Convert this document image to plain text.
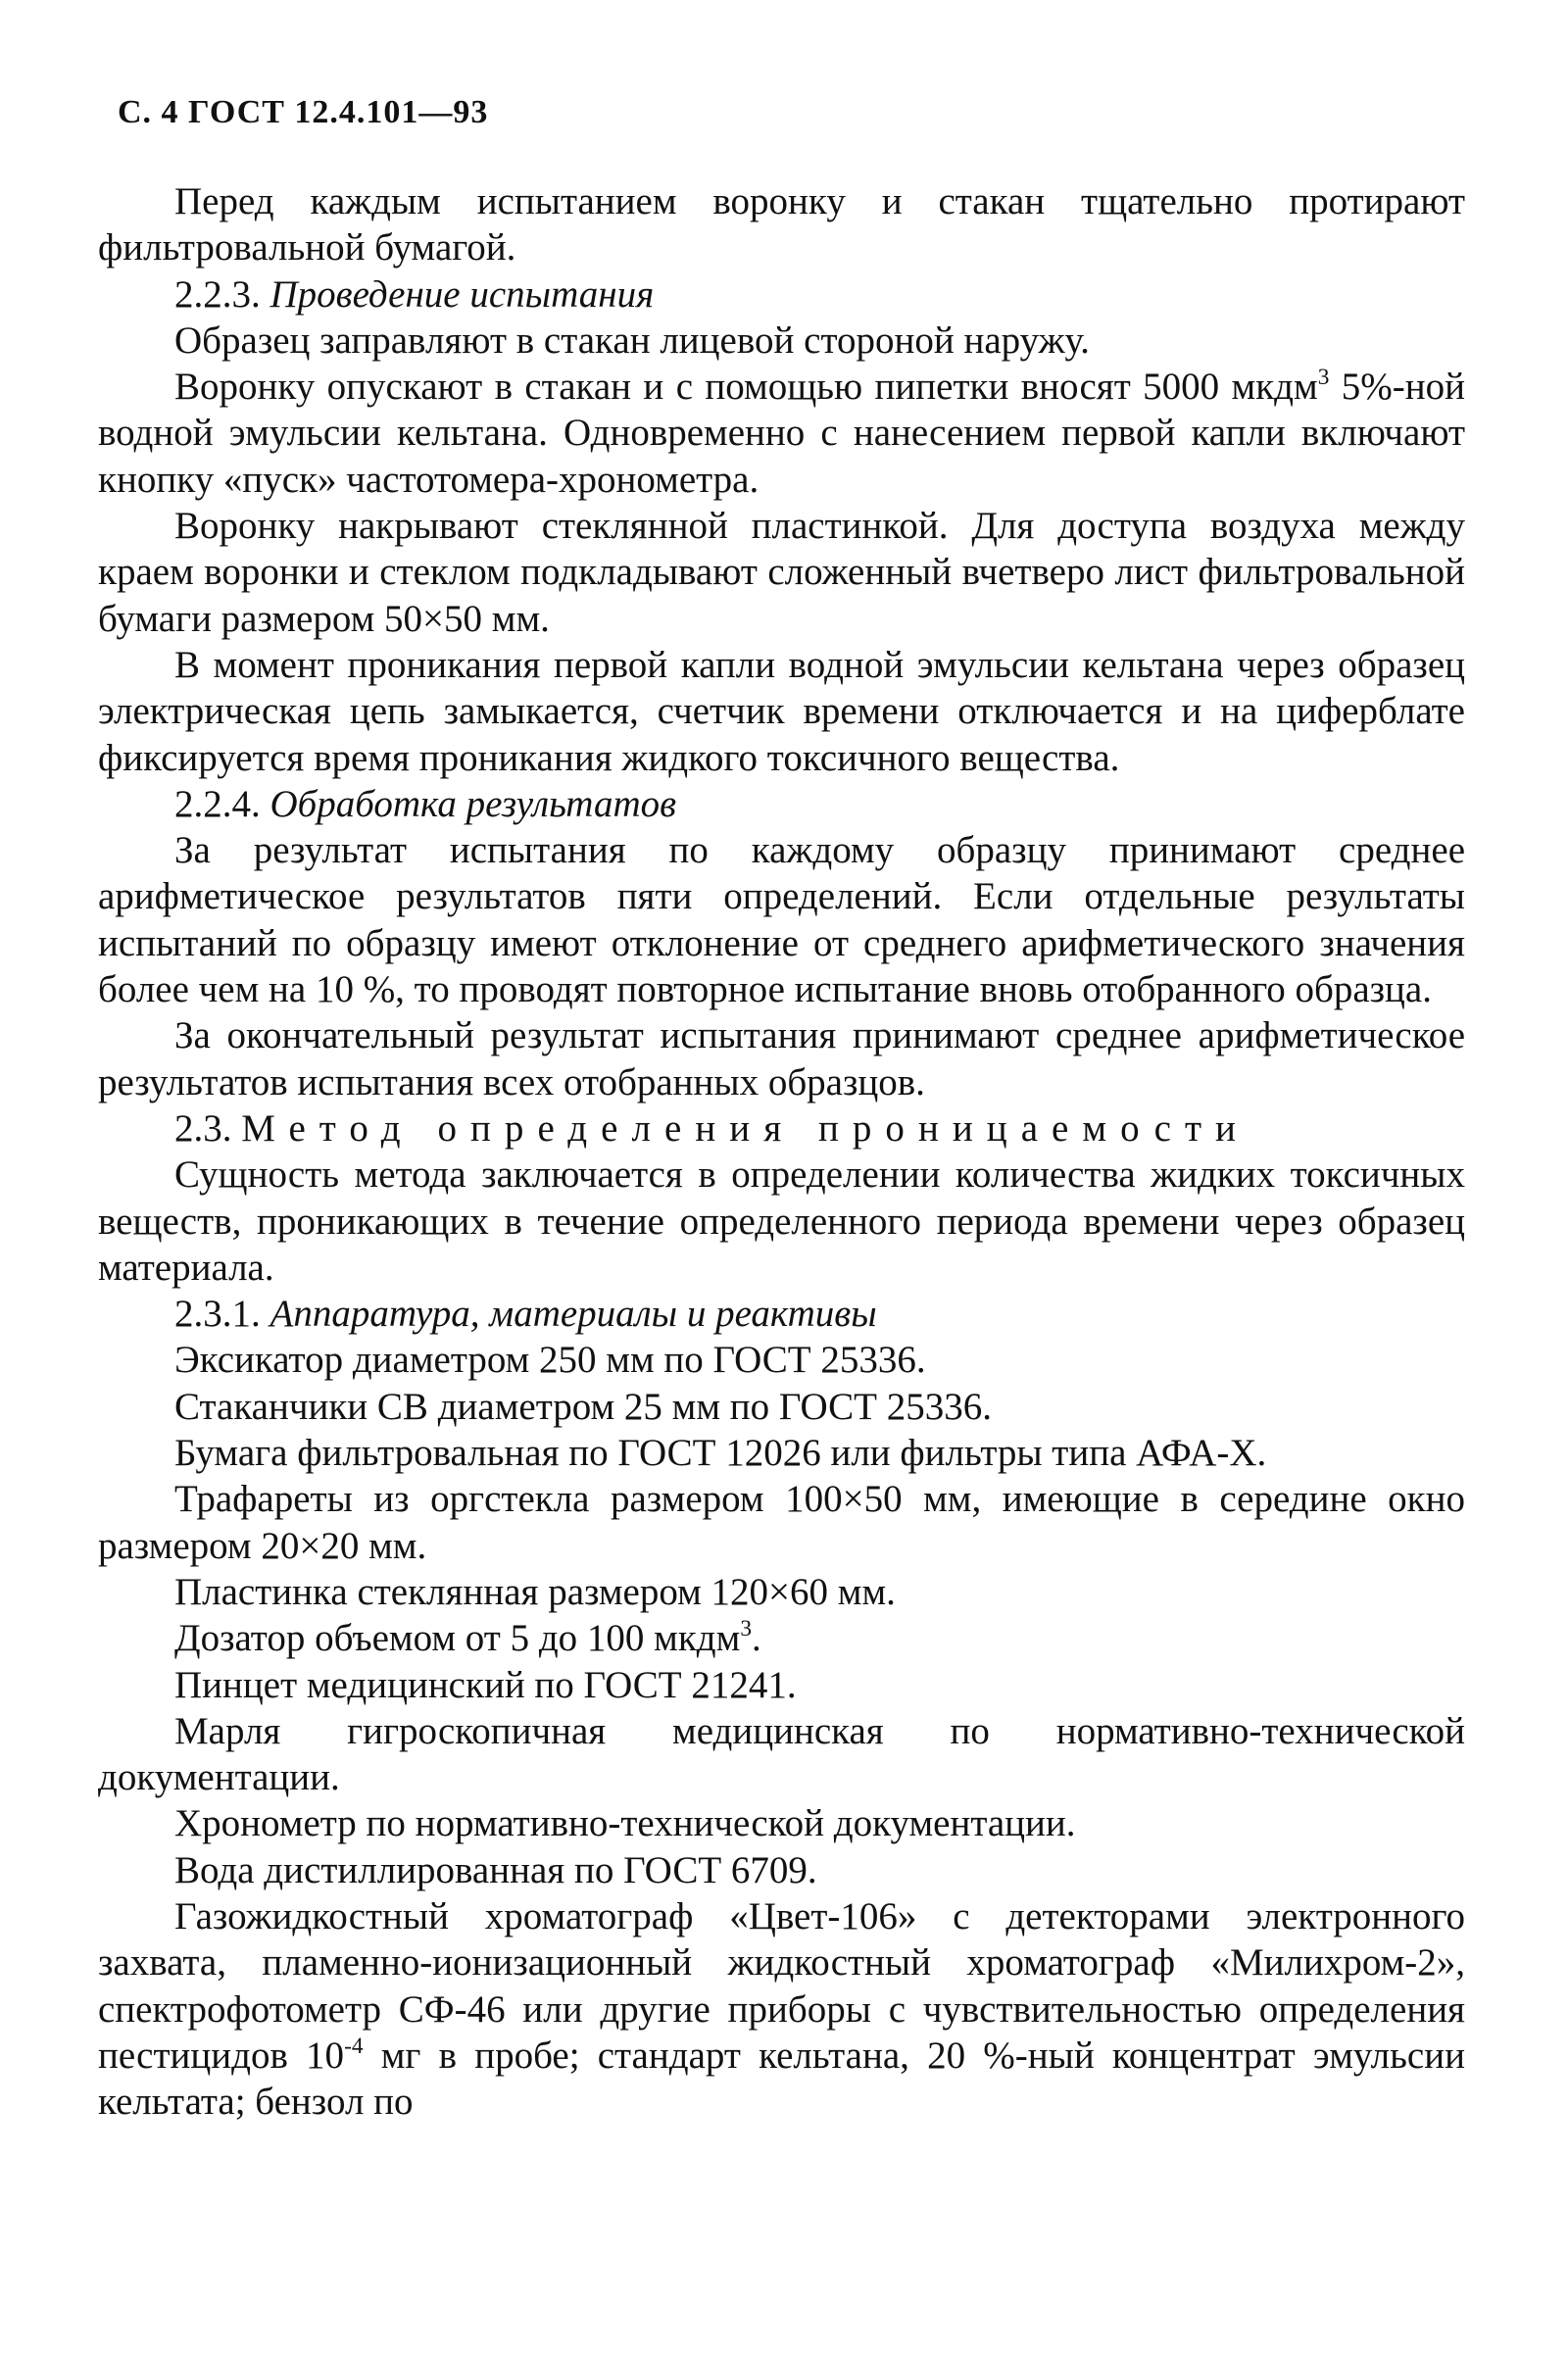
С. 4 ГОСТ 12.4.101—93

Перед каждым испытанием воронку и стакан тщательно протирают фильтровальной бумагой.

2.2.3. Проведение испытания

Образец заправляют в стакан лицевой стороной наружу.

Воронку опускают в стакан и с помощью пипетки вносят 5000 мкдм$^3$ 5%-ной водной эмульсии кельтана. Одновременно с нанесением первой капли включают кнопку «пуск» частотомера-хронометра.

Воронку накрывают стеклянной пластинкой. Для доступа воздуха между краем воронки и стеклом подкладывают сложенный вчетверо лист фильтровальной бумаги размером 50×50 мм.

В момент проникания первой капли водной эмульсии кельтана через образец электрическая цепь замыкается, счетчик времени отключается и на циферблате фиксируется время проникания жидкого токсичного вещества.

2.2.4. Обработка результатов

За результат испытания по каждому образцу принимают среднее арифметическое результатов пяти определений. Если отдельные результаты испытаний по образцу имеют отклонение от среднего арифметического значения более чем на 10 %, то проводят повторное испытание вновь отобранного образца.

За окончательный результат испытания принимают среднее арифметическое результатов испытания всех отобранных образцов.

2.3. Метод определения проницаемости

Сущность метода заключается в определении количества жидких токсичных веществ, проникающих в течение определенного периода времени через образец материала.

2.3.1. Аппаратура, материалы и реактивы

Эксикатор диаметром 250 мм по ГОСТ 25336.

Стаканчики СВ диаметром 25 мм по ГОСТ 25336.

Бумага фильтровальная по ГОСТ 12026 или фильтры типа АФА-Х.

Трафареты из оргстекла размером 100×50 мм, имеющие в середине окно размером 20×20 мм.

Пластинка стеклянная размером 120×60 мм.

Дозатор объемом от 5 до 100 мкдм$^3$.

Пинцет медицинский по ГОСТ 21241.

Марля гигроскопичная медицинская по нормативно-технической документации.

Хронометр по нормативно-технической документации.

Вода дистиллированная по ГОСТ 6709.

Газожидкостный хроматограф «Цвет-106» с детекторами электронного захвата, пламенно-ионизационный жидкостный хроматограф «Милихром-2», спектрофотометр СФ-46 или другие приборы с чувствительностью определения пестицидов $10^{-4}$ мг в пробе; стандарт кельтана, 20 %-ный концентрат эмульсии кельтата; бензол по
